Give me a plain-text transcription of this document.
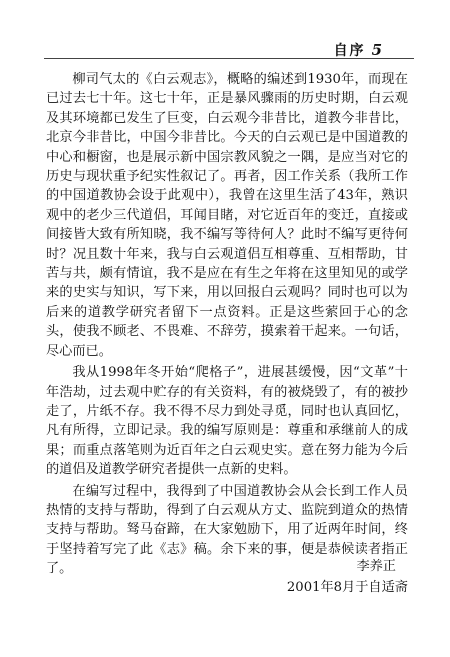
自序 5

柳司气太的《白云观志》，概略的编述到1930年，而现在已过去七十年。这七十年，正是暴风骤雨的历史时期，白云观及其环境都已发生了巨变，白云观今非昔比，道教今非昔比，北京今非昔比，中国今非昔比。今天的白云观已是中国道教的中心和橱窗，也是展示新中国宗教风貌之一隅，是应当对它的历史与现状重予纪实性叙记了。再者，因工作关系（我所工作的中国道教协会设于此观中），我曾在这里生活了43年，熟识观中的老少三代道侣，耳闻目睹，对它近百年的变迁，直接或间接皆大致有所知晓，我不编写等待何人？此时不编写更待何时？况且数十年来，我与白云观道侣互相尊重、互相帮助，甘苦与共，颇有情谊，我不是应在有生之年将在这里知见的或学来的史实与知识，写下来，用以回报白云观吗？同时也可以为后来的道教学研究者留下一点资料。正是这些萦回于心的念头，使我不顾老、不畏难、不辞劳，摸索着干起来。一句话，尽心而已。

我从1998年冬开始“爬格子”，进展甚缓慢，因“文革”十年浩劫，过去观中贮存的有关资料，有的被烧毁了，有的被抄走了，片纸不存。我不得不尽力到处寻觅，同时也认真回忆，凡有所得，立即记录。我的编写原则是：尊重和承继前人的成果；而重点落笔则为近百年之白云观史实。意在努力能为今后的道侣及道教学研究者提供一点新的史料。

在编写过程中，我得到了中国道教协会从会长到工作人员热情的支持与帮助，得到了白云观从方丈、监院到道众的热情支持与帮助。驽马奋蹄，在大家勉励下，用了近两年时间，终于坚持着写完了此《志》稿。余下来的事，便是恭候读者指正了。	李养正
2001年8月于自适斋
